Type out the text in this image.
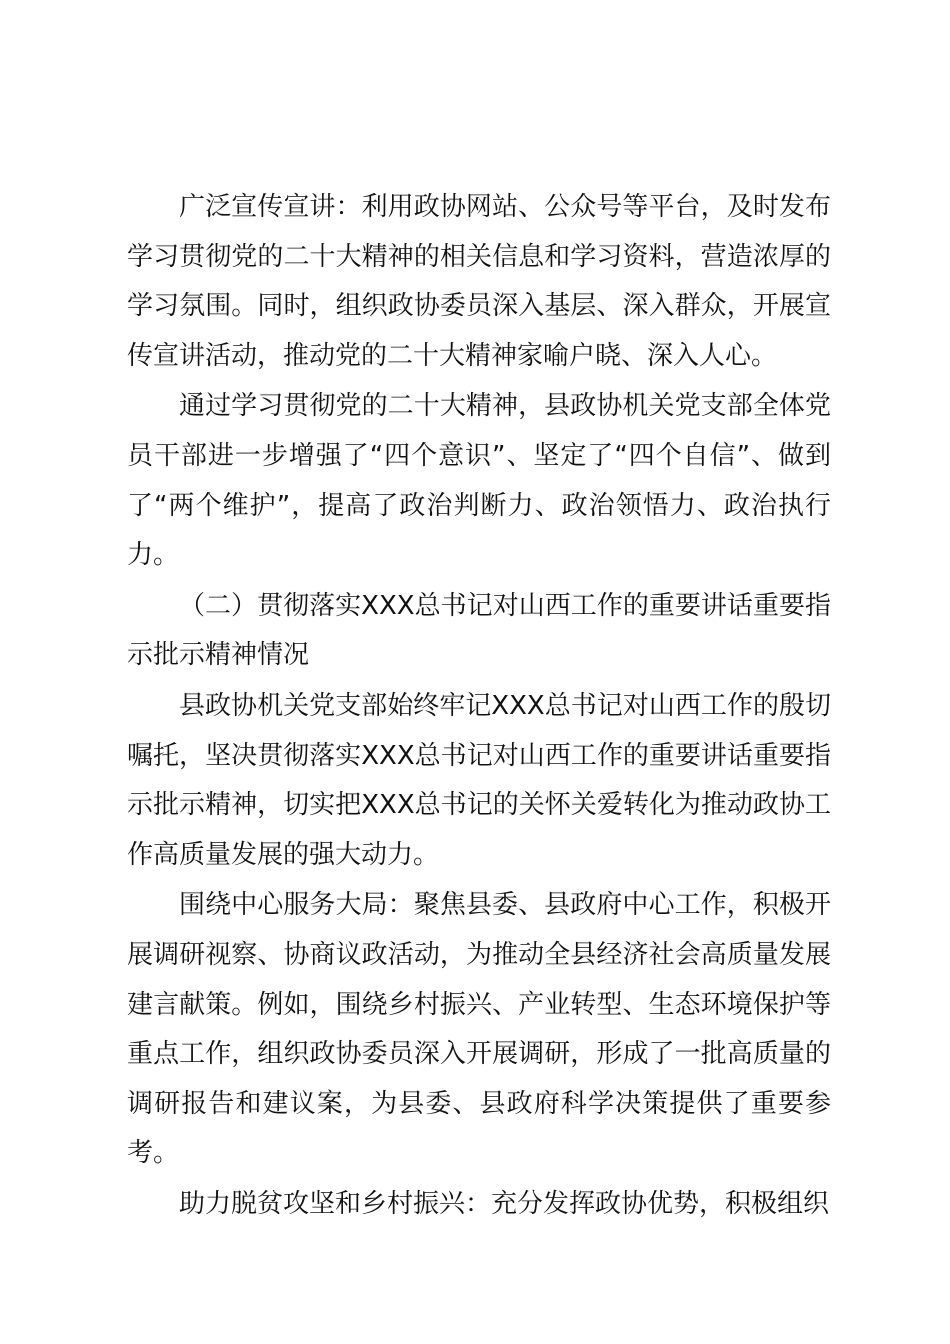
广泛宣传宣讲：利用政协网站、公众号等平台，及时发布学习贯彻党的二十大精神的相关信息和学习资料，营造浓厚的学习氛围。同时，组织政协委员深入基层、深入群众，开展宣传宣讲活动，推动党的二十大精神家喻户晓、深入人心。

通过学习贯彻党的二十大精神，县政协机关党支部全体党员干部进一步增强了“四个意识”、坚定了“四个自信”、做到了“两个维护”，提高了政治判断力、政治领悟力、政治执行力。

（二）贯彻落实XXX总书记对山西工作的重要讲话重要指示批示精神情况

县政协机关党支部始终牢记XXX总书记对山西工作的殷切嘱托，坚决贯彻落实XXX总书记对山西工作的重要讲话重要指示批示精神，切实把XXX总书记的关怀关爱转化为推动政协工作高质量发展的强大动力。

围绕中心服务大局：聚焦县委、县政府中心工作，积极开展调研视察、协商议政活动，为推动全县经济社会高质量发展建言献策。例如，围绕乡村振兴、产业转型、生态环境保护等重点工作，组织政协委员深入开展调研，形成了一批高质量的调研报告和建议案，为县委、县政府科学决策提供了重要参考。

助力脱贫攻坚和乡村振兴：充分发挥政协优势，积极组织
